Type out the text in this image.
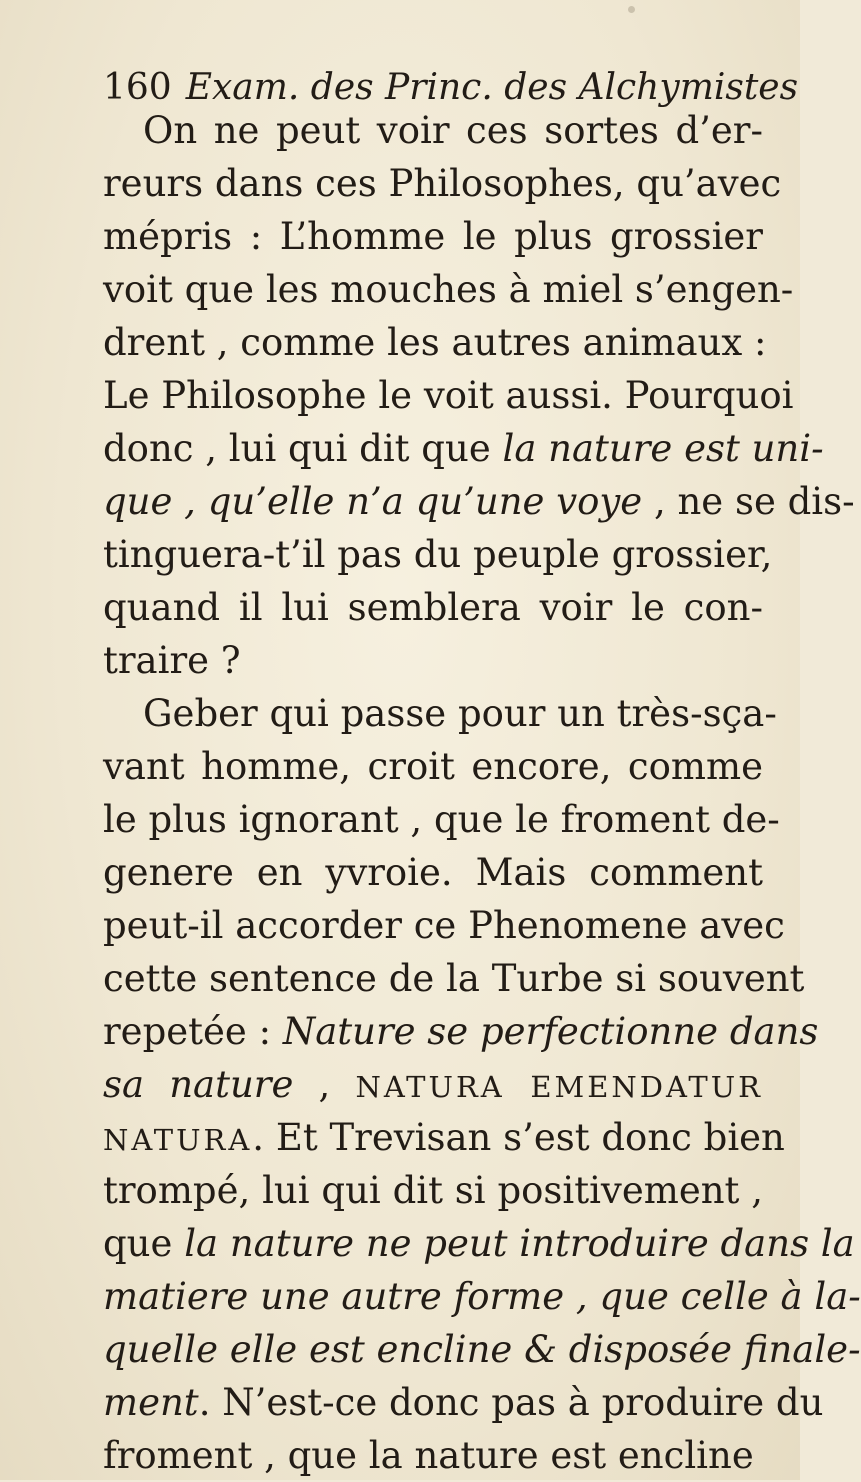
160 Exam. des Princ. des Alchymistes
On ne peut voir ces sortes d’er-
reurs dans ces Philosophes, qu’avec
mépris : L’homme le plus grossier
voit que les mouches à miel s’engen-
drent , comme les autres animaux :
Le Philosophe le voit aussi. Pourquoi
donc , lui qui dit que la nature est uni-
que , qu’elle n’a qu’une voye , ne se dis-
tinguera-t’il pas du peuple grossier,
quand il lui semblera voir le con-
traire ?
Geber qui passe pour un très-sça-
vant homme, croit encore, comme
le plus ignorant , que le froment de-
genere en yvroie. Mais comment
peut-il accorder ce Phenomene avec
cette sentence de la Turbe si souvent
repetée : Nature se perfectionne dans
sa nature , NATURA EMENDATUR
NATURA. Et Trevisan s’est donc bien
trompé, lui qui dit si positivement ,
que la nature ne peut introduire dans la
matiere une autre forme , que celle à la-
quelle elle est encline & disposée finale-
ment. N’est-ce donc pas à produire du
froment , que la nature est encline
